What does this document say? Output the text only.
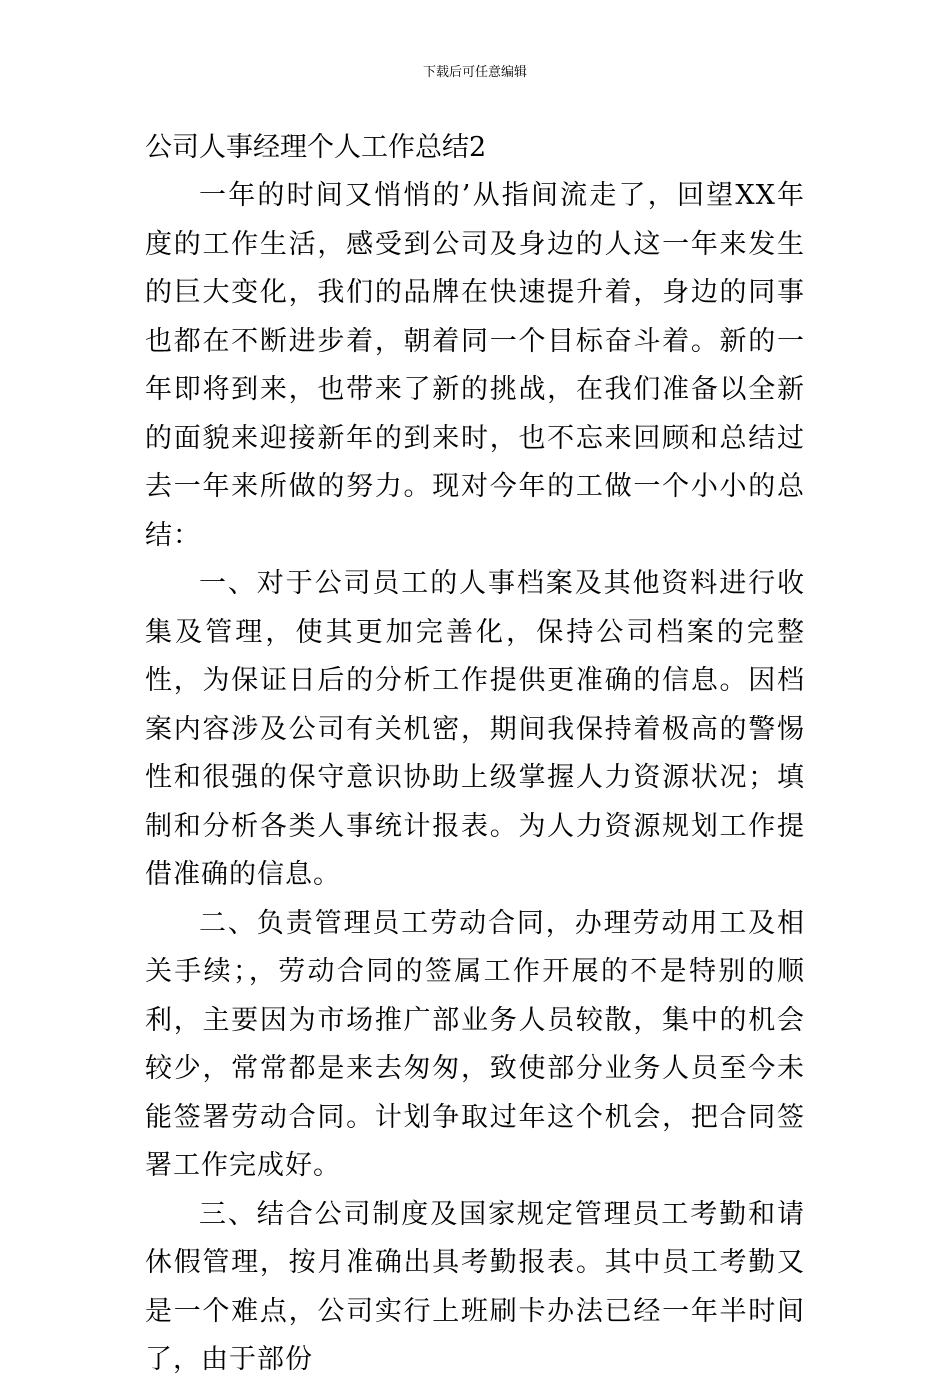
下载后可任意编辑
公司人事经理个人工作总结2

一年的时间又悄悄的’从指间流走了，回望XX年度的工作生活，感受到公司及身边的人这一年来发生的巨大变化，我们的品牌在快速提升着，身边的同事也都在不断进步着，朝着同一个目标奋斗着。新的一年即将到来，也带来了新的挑战，在我们准备以全新的面貌来迎接新年的到来时，也不忘来回顾和总结过去一年来所做的努力。现对今年的工做一个小小的总结：

一、对于公司员工的人事档案及其他资料进行收集及管理，使其更加完善化，保持公司档案的完整性，为保证日后的分析工作提供更准确的信息。因档案内容涉及公司有关机密，期间我保持着极高的警惕性和很强的保守意识协助上级掌握人力资源状况；填制和分析各类人事统计报表。为人力资源规划工作提借准确的信息。

二、负责管理员工劳动合同，办理劳动用工及相关手续；，劳动合同的签属工作开展的不是特别的顺利，主要因为市场推广部业务人员较散，集中的机会较少，常常都是来去匆匆，致使部分业务人员至今未能签署劳动合同。计划争取过年这个机会，把合同签署工作完成好。

三、结合公司制度及国家规定管理员工考勤和请休假管理，按月准确出具考勤报表。其中员工考勤又是一个难点，公司实行上班刷卡办法已经一年半时间了，由于部份
